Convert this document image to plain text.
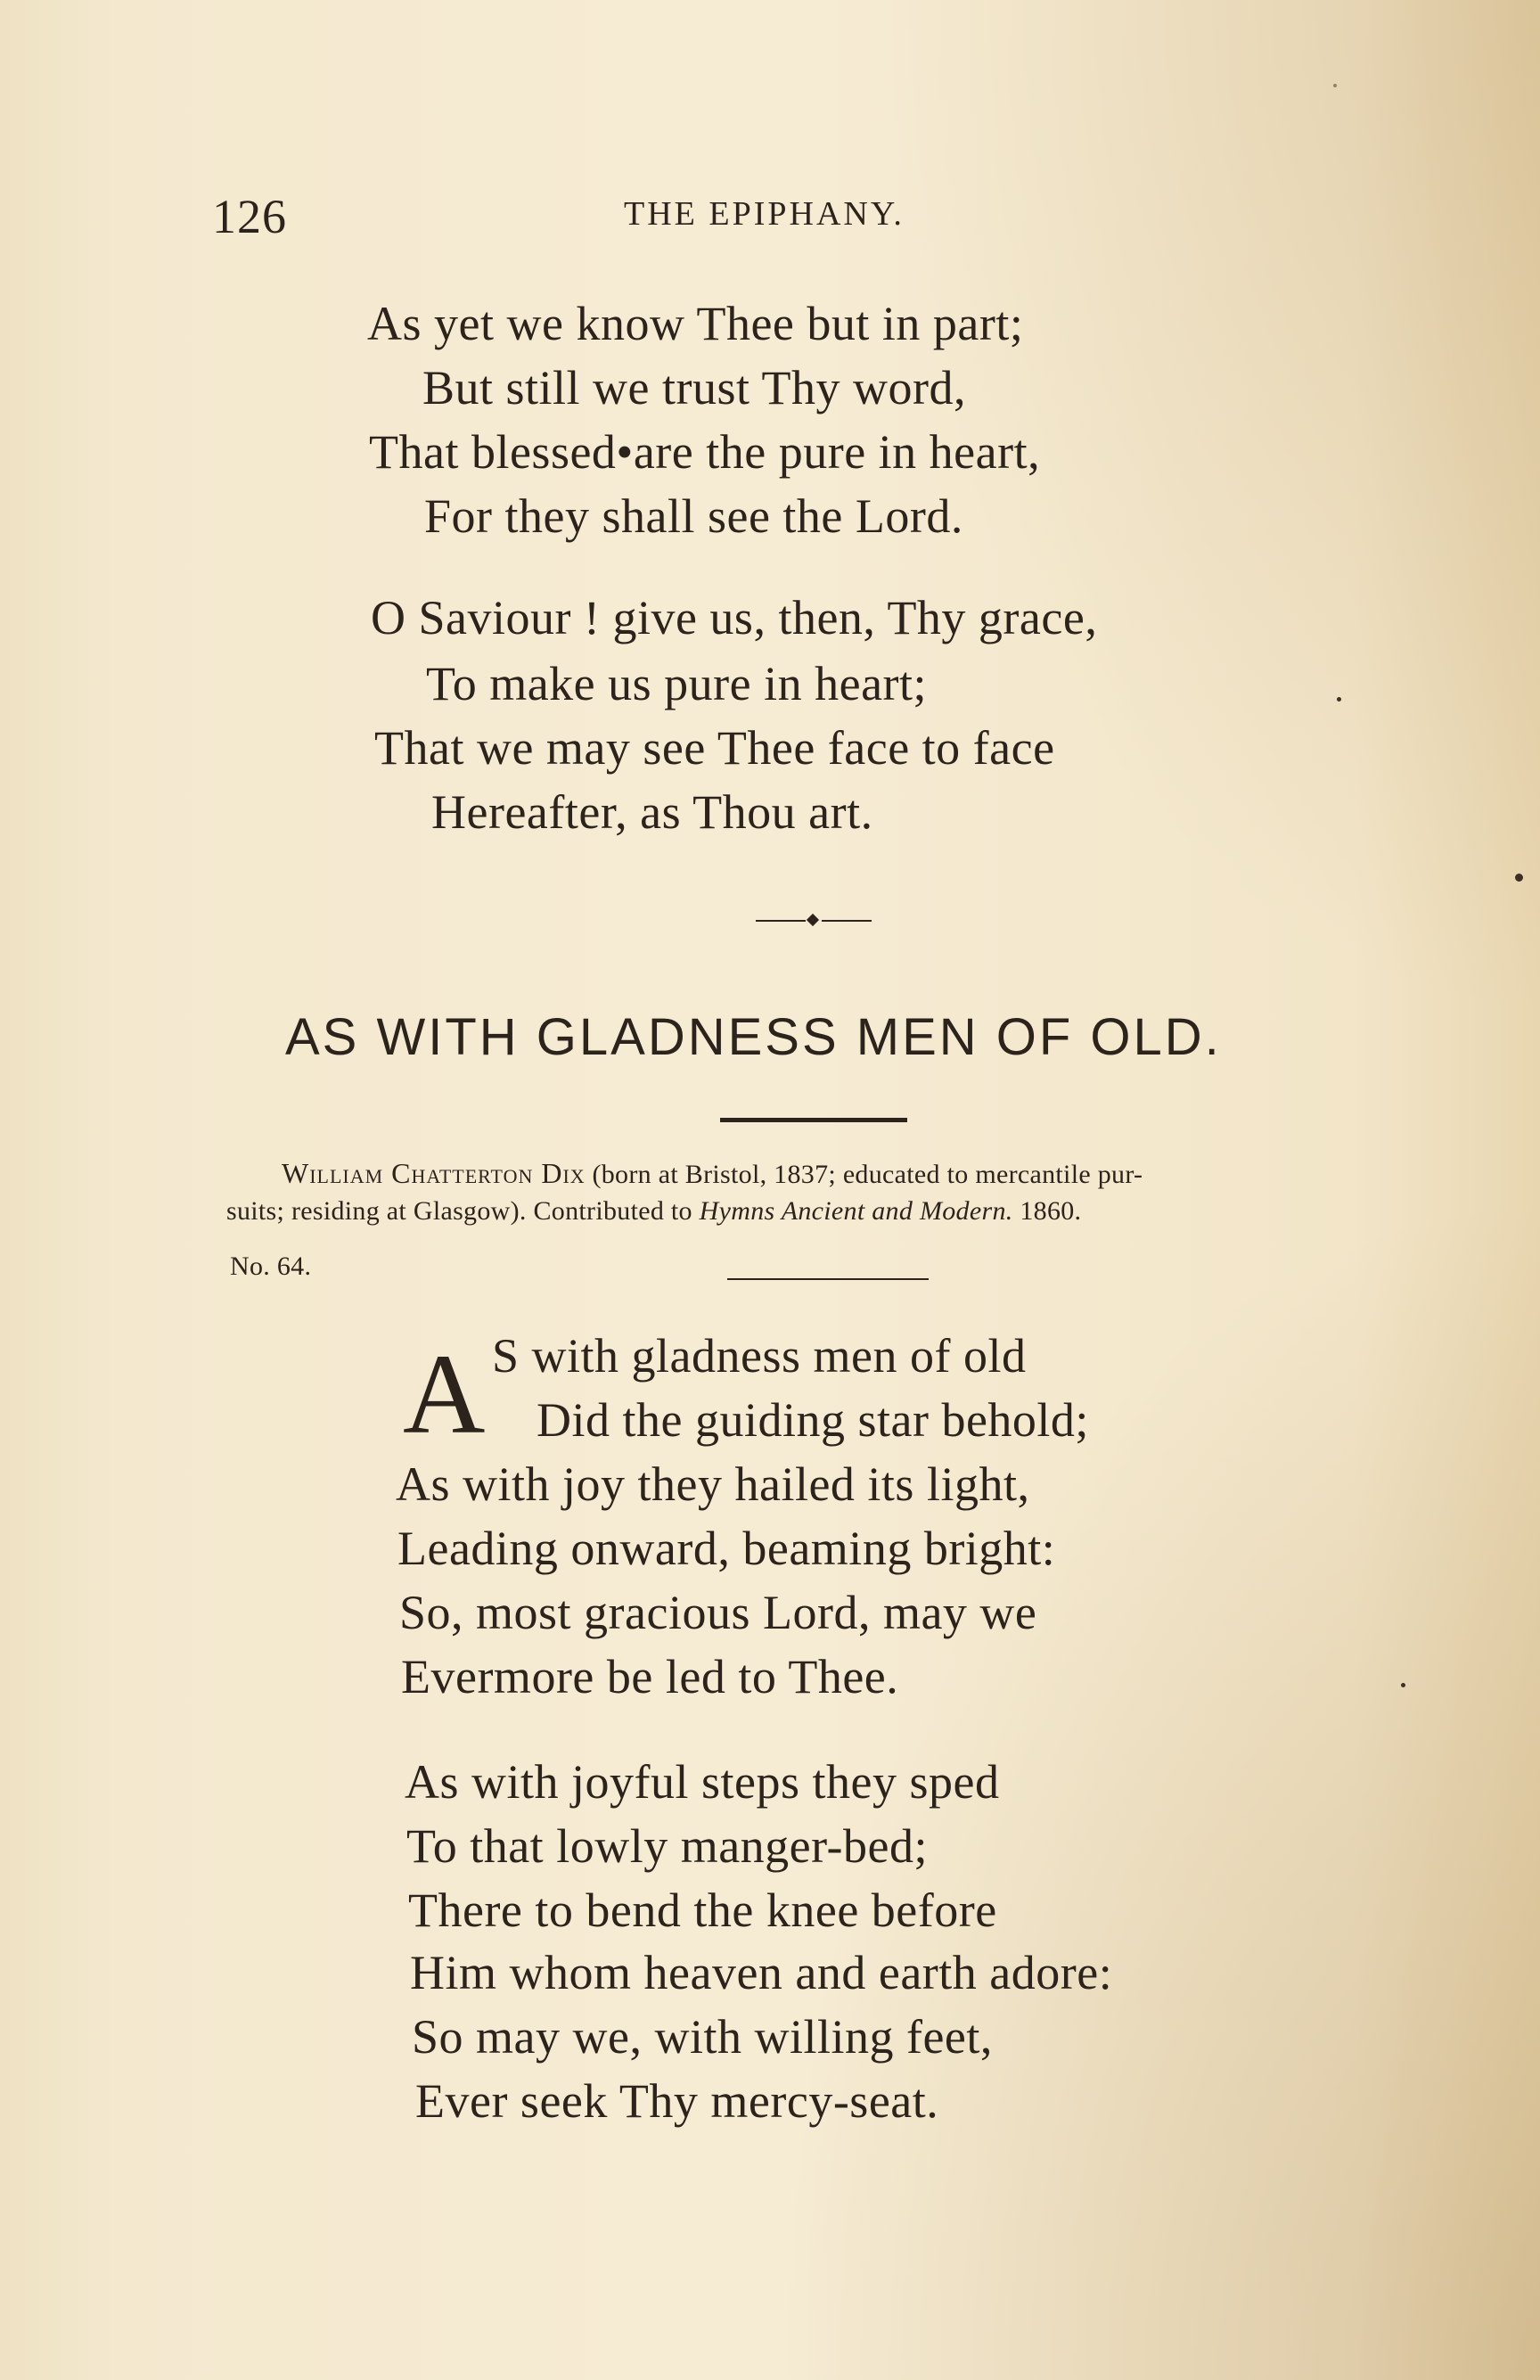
126	THE EPIPHANY.
As yet we know Thee but in part;
But still we trust Thy word,
That blessed•are the pure in heart,
For they shall see the Lord.
O Saviour ! give us, then, Thy grace,
To make us pure in heart;
That we may see Thee face to face
Hereafter, as Thou art.
AS WITH GLADNESS MEN OF OLD.
William Chatterton Dix (born at Bristol, 1837; educated to mercantile pur-
suits; residing at Glasgow). Contributed to Hymns Ancient and Modern. 1860.
No. 64.
A S with gladness men of old
Did the guiding star behold;
As with joy they hailed its light,
Leading onward, beaming bright:
So, most gracious Lord, may we
Evermore be led to Thee.
As with joyful steps they sped
To that lowly manger-bed;
There to bend the knee before
Him whom heaven and earth adore:
So may we, with willing feet,
Ever seek Thy mercy-seat.
